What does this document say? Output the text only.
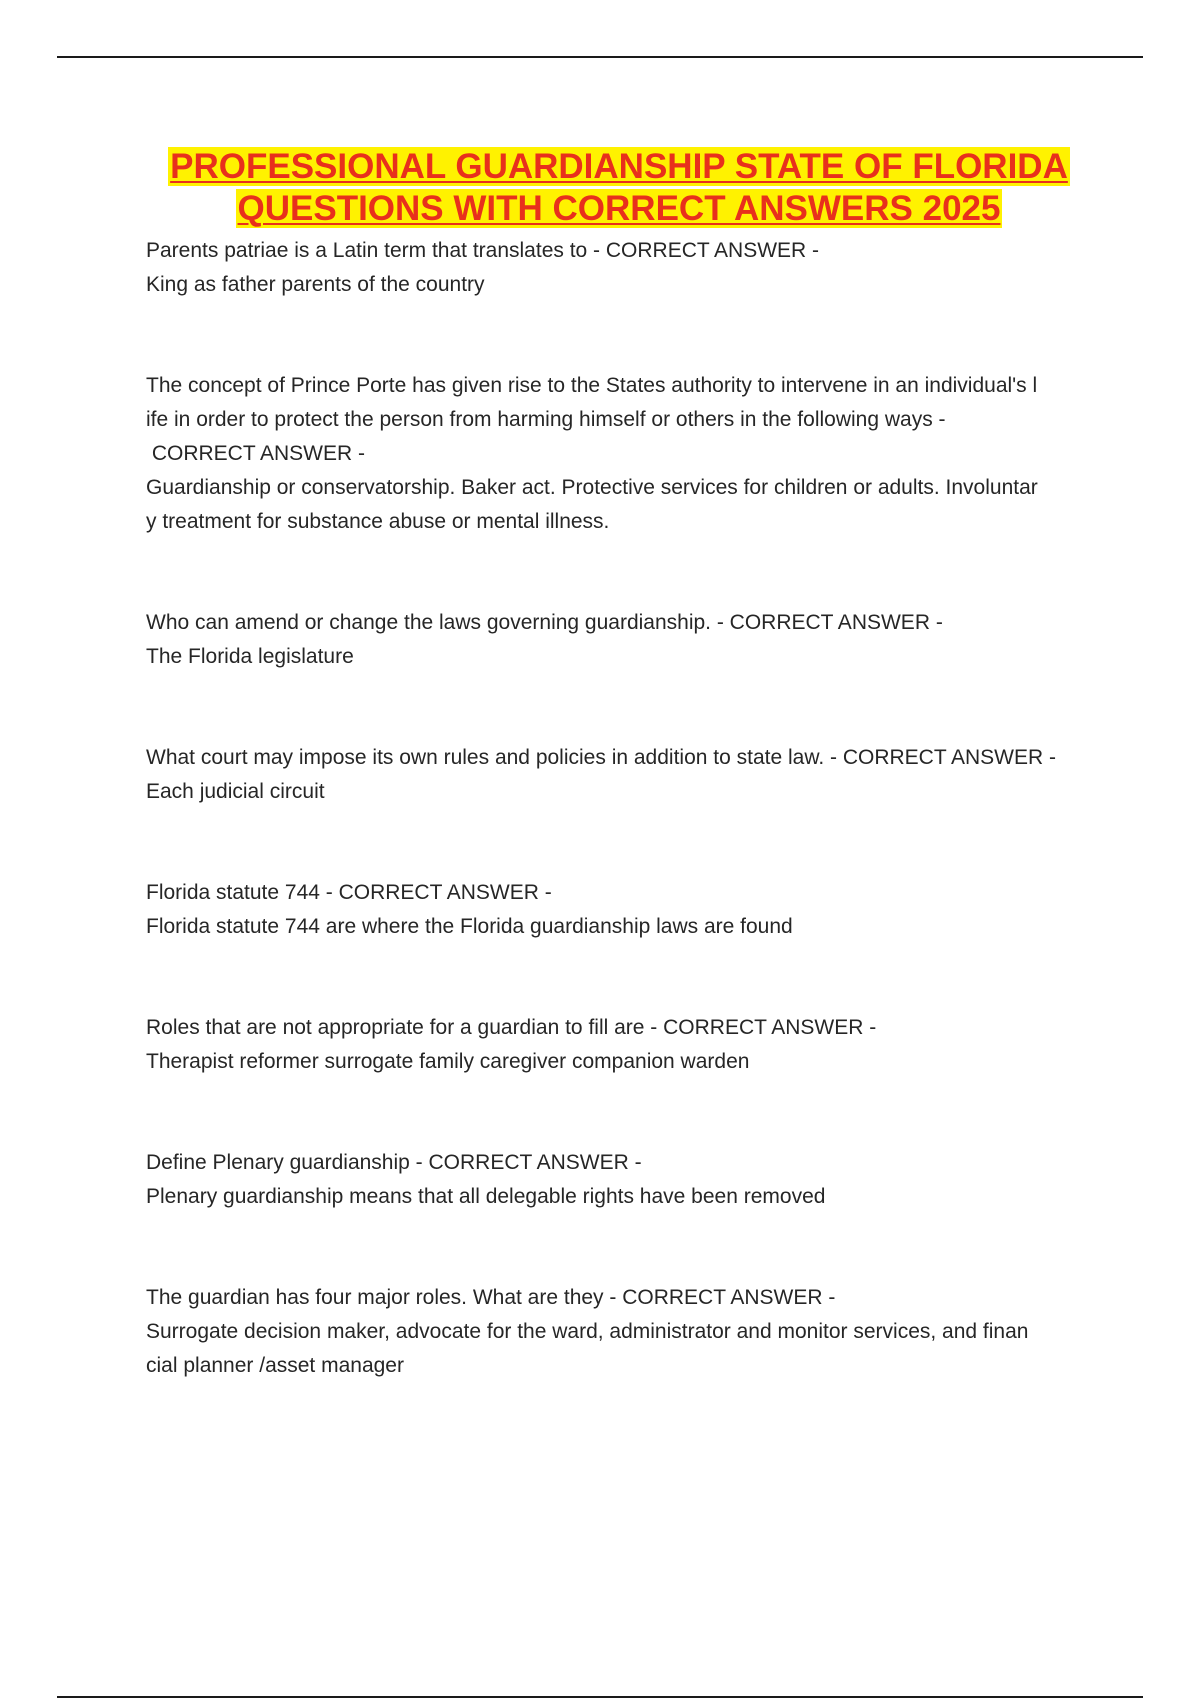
PROFESSIONAL GUARDIANSHIP STATE OF FLORIDA
QUESTIONS WITH CORRECT ANSWERS 2025

Parents patriae is a Latin term that translates to - CORRECT ANSWER -

King as father parents of the country

The concept of Prince Porte has given rise to the States authority to intervene in an individual's l
ife in order to protect the person from harming himself or others in the following ways -
CORRECT ANSWER -

Guardianship or conservatorship. Baker act. Protective services for children or adults. Involuntar
y treatment for substance abuse or mental illness.

Who can amend or change the laws governing guardianship. - CORRECT ANSWER -

The Florida legislature

What court may impose its own rules and policies in addition to state law. - CORRECT ANSWER -

Each judicial circuit

Florida statute 744 - CORRECT ANSWER -

Florida statute 744 are where the Florida guardianship laws are found

Roles that are not appropriate for a guardian to fill are - CORRECT ANSWER -

Therapist reformer surrogate family caregiver companion warden

Define Plenary guardianship - CORRECT ANSWER -

Plenary guardianship means that all delegable rights have been removed

The guardian has four major roles. What are they - CORRECT ANSWER -

Surrogate decision maker, advocate for the ward, administrator and monitor services, and finan
cial planner /asset manager
